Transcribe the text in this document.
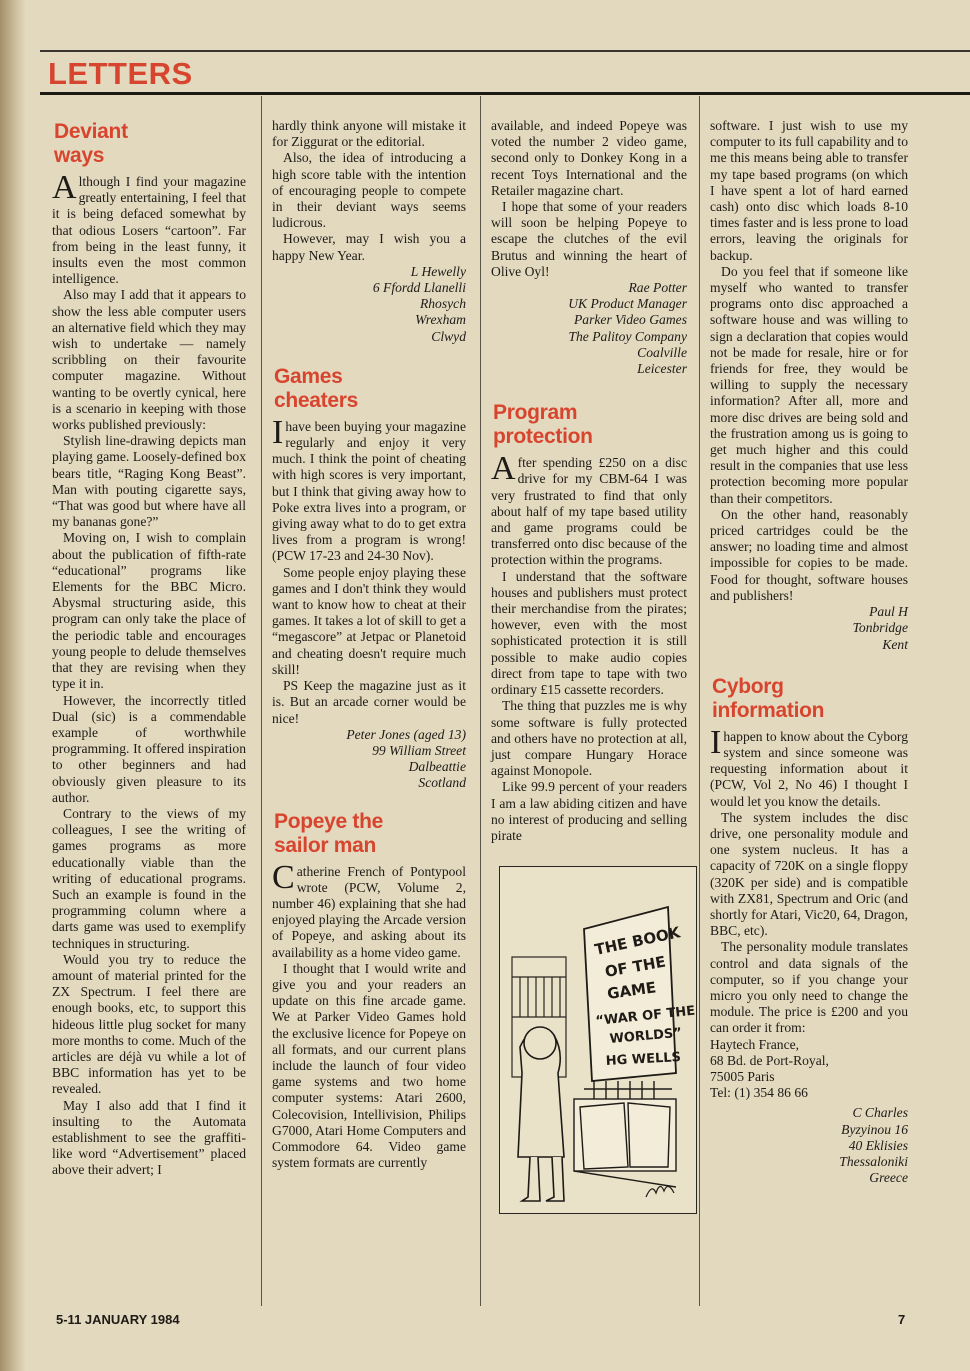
LETTERS
Deviant
ways

Although I find your magazine greatly entertaining, I feel that it is being defaced somewhat by that odious Losers “cartoon”. Far from being in the least funny, it insults even the most common intelligence.

Also may I add that it appears to show the less able computer users an alternative field which they may wish to undertake — namely scribbling on their favourite computer magazine. Without wanting to be overtly cynical, here is a scenario in keeping with those works published previously:

Stylish line-drawing depicts man playing game. Loosely-defined box bears title, “Raging Kong Beast”. Man with pouting cigarette says, “That was good but where have all my bananas gone?”

Moving on, I wish to complain about the publication of fifth-rate “educational” programs like Elements for the BBC Micro. Abysmal structuring aside, this program can only take the place of the periodic table and encourages young people to delude themselves that they are revising when they type it in.

However, the incorrectly titled Dual (sic) is a commendable example of worthwhile programming. It offered inspiration to other beginners and had obviously given pleasure to its author.

Contrary to the views of my colleagues, I see the writing of games programs as more educationally viable than the writing of educational programs. Such an example is found in the programming column where a darts game was used to exemplify techniques in structuring.

Would you try to reduce the amount of material printed for the ZX Spectrum. I feel there are enough books, etc, to support this hideous little plug socket for many more months to come. Much of the articles are déjà vu while a lot of BBC information has yet to be revealed.

May I also add that I find it insulting to the Automata establishment to see the graffiti-like word “Advertisement” placed above their advert; I

hardly think anyone will mistake it for Ziggurat or the editorial.

Also, the idea of introducing a high score table with the intention of encouraging people to compete in their deviant ways seems ludicrous.

However, may I wish you a happy New Year.

L Hewelly
6 Ffordd Llanelli
Rhosych
Wrexham
Clwyd
Games
cheaters

Ihave been buying your magazine regularly and enjoy it very much. I think the point of cheating with high scores is very important, but I think that giving away how to Poke extra lives into a program, or giving away what to do to get extra lives from a program is wrong! (PCW 17-23 and 24-30 Nov).

Some people enjoy playing these games and I don't think they would want to know how to cheat at their games. It takes a lot of skill to get a “megascore” at Jetpac or Planetoid and cheating doesn't require much skill!

PS Keep the magazine just as it is. But an arcade corner would be nice!

Peter Jones (aged 13)
99 William Street
Dalbeattie
Scotland
Popeye the
sailor man

Catherine French of Pontypool wrote (PCW, Volume 2, number 46) explaining that she had enjoyed playing the Arcade version of Popeye, and asking about its availability as a home video game.

I thought that I would write and give you and your readers an update on this fine arcade game. We at Parker Video Games hold the exclusive licence for Popeye on all formats, and our current plans include the launch of four video game systems and two home computer systems: Atari 2600, Colecovision, Intellivision, Philips G7000, Atari Home Computers and Commodore 64. Video game system formats are currently

available, and indeed Popeye was voted the number 2 video game, second only to Donkey Kong in a recent Toys International and the Retailer magazine chart.

I hope that some of your readers will soon be helping Popeye to escape the clutches of the evil Brutus and winning the heart of Olive Oyl!

Rae Potter
UK Product Manager
Parker Video Games
The Palitoy Company
Coalville
Leicester
Program
protection

After spending £250 on a disc drive for my CBM-64 I was very frustrated to find that only about half of my tape based utility and game programs could be transferred onto disc because of the protection within the programs.

I understand that the software houses and publishers must protect their merchandise from the pirates; however, even with the most sophisticated protection it is still possible to make audio copies direct from tape to tape with two ordinary £15 cassette recorders.

The thing that puzzles me is why some software is fully protected and others have no protection at all, just compare Hungary Horace against Monopole.

Like 99.9 percent of your readers I am a law abiding citizen and have no interest of producing and selling pirate

THE BOOK
OF THE
GAME
“WAR OF THE
WORLDS”
HG WELLS

software. I just wish to use my computer to its full capability and to me this means being able to transfer my tape based programs (on which I have spent a lot of hard earned cash) onto disc which loads 8-10 times faster and is less prone to load errors, leaving the originals for backup.

Do you feel that if someone like myself who wanted to transfer programs onto disc approached a software house and was willing to sign a declaration that copies would not be made for resale, hire or for friends for free, they would be willing to supply the necessary information? After all, more and more disc drives are being sold and the frustration among us is going to get much higher and this could result in the companies that use less protection becoming more popular than their competitors.

On the other hand, reasonably priced cartridges could be the answer; no loading time and almost impossible for copies to be made. Food for thought, software houses and publishers!

Paul H
Tonbridge
Kent
Cyborg
information

Ihappen to know about the Cyborg system and since someone was requesting information about it (PCW, Vol 2, No 46) I thought I would let you know the details.

The system includes the disc drive, one personality module and one system nucleus. It has a capacity of 720K on a single floppy (320K per side) and is compatible with ZX81, Spectrum and Oric (and shortly for Atari, Vic20, 64, Dragon, BBC, etc).

The personality module translates control and data signals of the computer, so if you change your micro you only need to change the module. The price is £200 and you can order it from:

Haytech France,
68 Bd. de Port-Royal,
75005 Paris
Tel: (1) 354 86 66
C Charles
Byzyinou 16
40 Eklisies
Thessaloniki
Greece
5-11 JANUARY 1984	7
